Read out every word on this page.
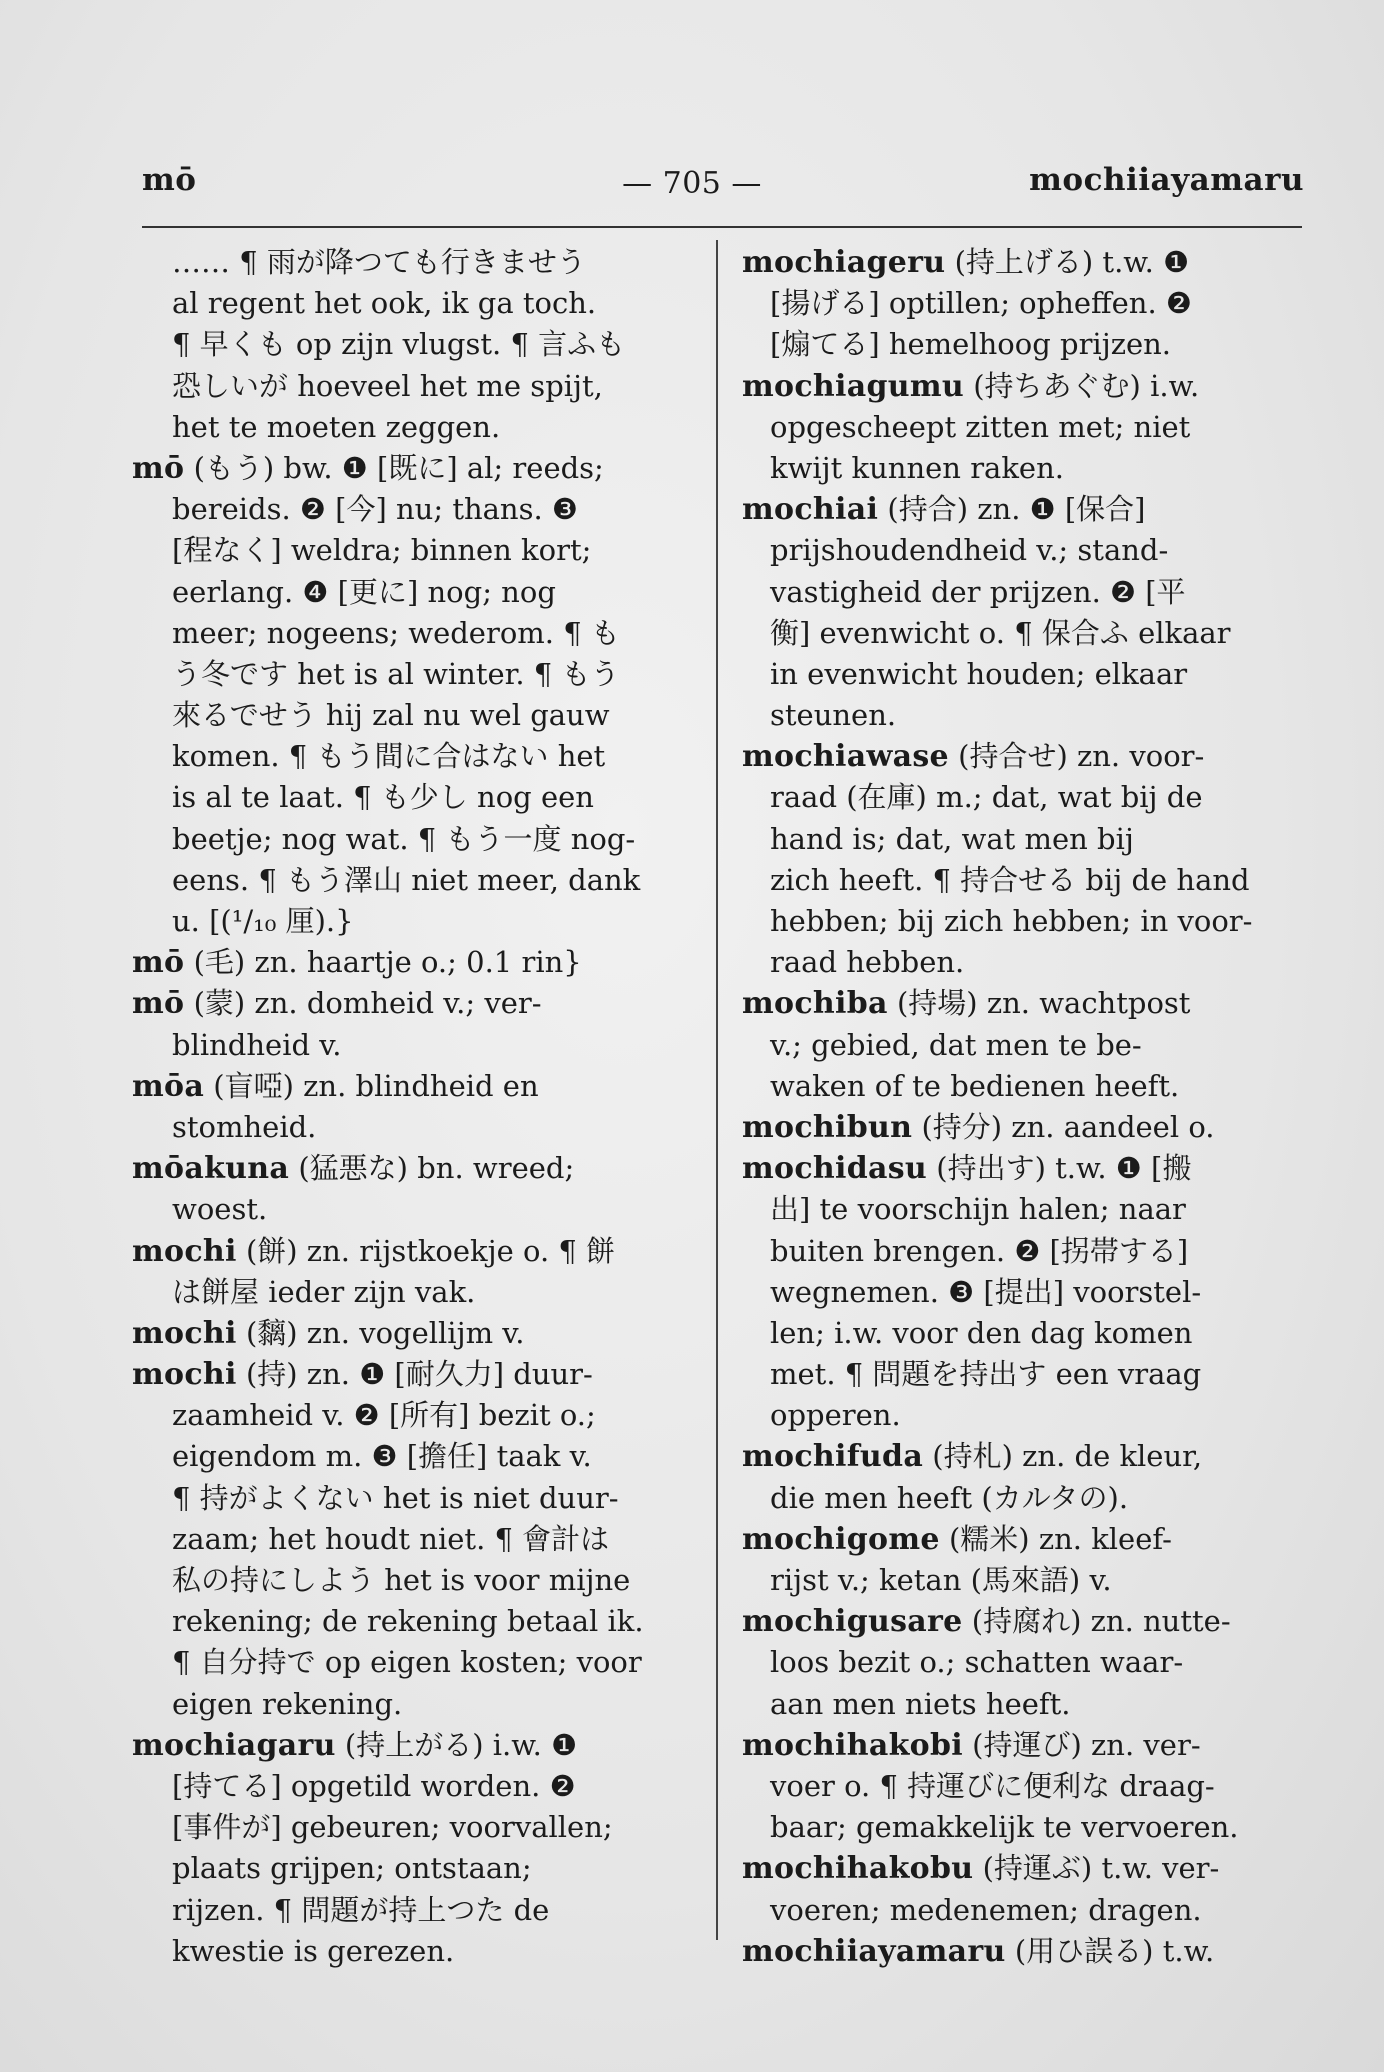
mō	— 705 —	mochiiayamaru
…… ¶ 雨が降つても行きませう
al regent het ook, ik ga toch.
¶ 早くも op zijn vlugst. ¶ 言ふも
恐しいが hoeveel het me spijt,
het te moeten zeggen.
mō (もう) bw. ❶ [既に] al; reeds;
bereids. ❷ [今] nu; thans. ❸
[程なく] weldra; binnen kort;
eerlang. ❹ [更に] nog; nog
meer; nogeens; wederom. ¶ も
う冬です het is al winter. ¶ もう
來るでせう hij zal nu wel gauw
komen. ¶ もう間に合はない het
is al te laat. ¶ も少し nog een
beetje; nog wat. ¶ もう一度 nog-
eens. ¶ もう澤山 niet meer, dank
u. [(¹/₁₀ 厘).}
mō (毛) zn. haartje o.; 0.1 rin}
mō (蒙) zn. domheid v.; ver-
blindheid v.
mōa (盲啞) zn. blindheid en
stomheid.
mōakuna (猛悪な) bn. wreed;
woest.
mochi (餅) zn. rijstkoekje o. ¶ 餅
は餅屋 ieder zijn vak.
mochi (黐) zn. vogellijm v.
mochi (持) zn. ❶ [耐久力] duur-
zaamheid v. ❷ [所有] bezit o.;
eigendom m. ❸ [擔任] taak v.
¶ 持がよくない het is niet duur-
zaam; het houdt niet. ¶ 會計は
私の持にしよう het is voor mijne
rekening; de rekening betaal ik.
¶ 自分持で op eigen kosten; voor
eigen rekening.
mochiagaru (持上がる) i.w. ❶
[持てる] opgetild worden. ❷
[事件が] gebeuren; voorvallen;
plaats grijpen; ontstaan;
rijzen. ¶ 問題が持上つた de
kwestie is gerezen.
mochiageru (持上げる) t.w. ❶
[揚げる] optillen; opheffen. ❷
[煽てる] hemelhoog prijzen.
mochiagumu (持ちあぐむ) i.w.
opgescheept zitten met; niet
kwijt kunnen raken.
mochiai (持合) zn. ❶ [保合]
prijshoudendheid v.; stand-
vastigheid der prijzen. ❷ [平
衡] evenwicht o. ¶ 保合ふ elkaar
in evenwicht houden; elkaar
steunen.
mochiawase (持合せ) zn. voor-
raad (在庫) m.; dat, wat bij de
hand is; dat, wat men bij
zich heeft. ¶ 持合せる bij de hand
hebben; bij zich hebben; in voor-
raad hebben.
mochiba (持場) zn. wachtpost
v.; gebied, dat men te be-
waken of te bedienen heeft.
mochibun (持分) zn. aandeel o.
mochidasu (持出す) t.w. ❶ [搬
出] te voorschijn halen; naar
buiten brengen. ❷ [拐帯する]
wegnemen. ❸ [提出] voorstel-
len; i.w. voor den dag komen
met. ¶ 問題を持出す een vraag
opperen.
mochifuda (持札) zn. de kleur,
die men heeft (カルタの).
mochigome (糯米) zn. kleef-
rijst v.; ketan (馬來語) v.
mochigusare (持腐れ) zn. nutte-
loos bezit o.; schatten waar-
aan men niets heeft.
mochihakobi (持運び) zn. ver-
voer o. ¶ 持運びに便利な draag-
baar; gemakkelijk te vervoeren.
mochihakobu (持運ぶ) t.w. ver-
voeren; medenemen; dragen.
mochiiayamaru (用ひ誤る) t.w.
